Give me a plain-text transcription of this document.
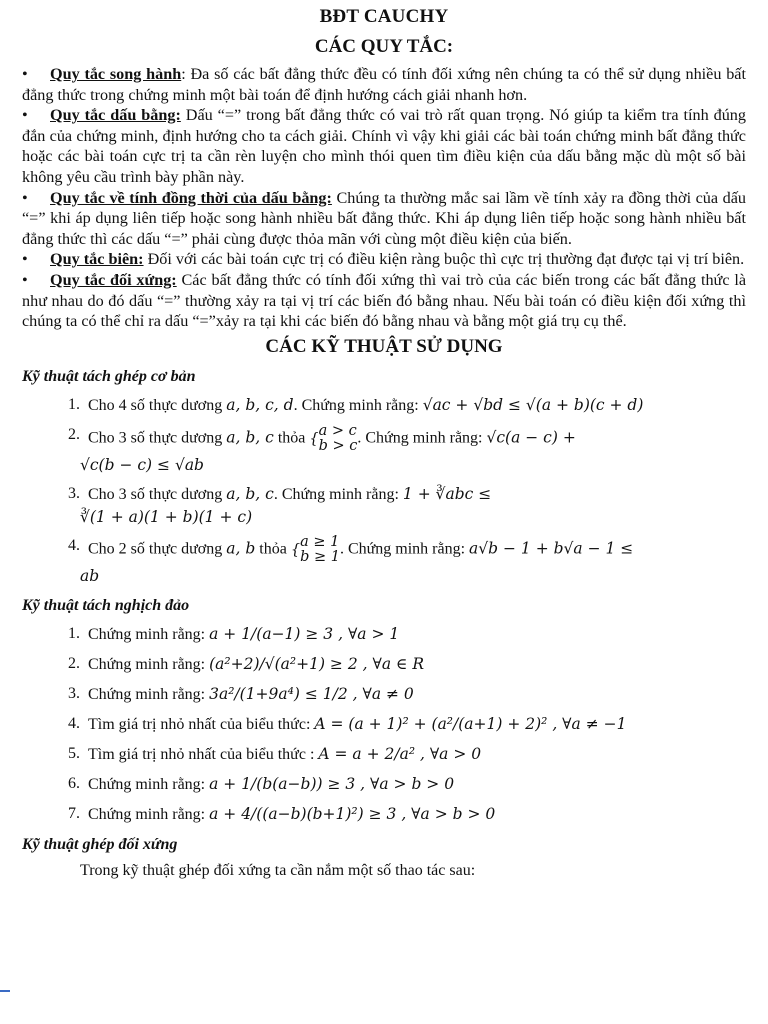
BĐT CAUCHY
CÁC QUY TẮC:
• Quy tắc song hành: Đa số các bất đẳng thức đều có tính đối xứng nên chúng ta có thể sử dụng nhiều bất đẳng thức trong chứng minh một bài toán để định hướng cách giải nhanh hơn.
• Quy tắc dấu bằng: Dấu “=” trong bất đẳng thức có vai trò rất quan trọng. Nó giúp ta kiểm tra tính đúng đắn của chứng minh, định hướng cho ta cách giải. Chính vì vậy khi giải các bài toán chứng minh bất đẳng thức hoặc các bài toán cực trị ta cần rèn luyện cho mình thói quen tìm điều kiện của dấu bằng mặc dù một số bài không yêu cầu trình bày phần này.
• Quy tắc về tính đồng thời của dấu bằng: Chúng ta thường mắc sai lầm về tính xảy ra đồng thời của dấu “=” khi áp dụng liên tiếp hoặc song hành nhiều bất đẳng thức. Khi áp dụng liên tiếp hoặc song hành nhiều bất đẳng thức thì các dấu “=” phải cùng được thỏa mãn với cùng một điều kiện của biến.
• Quy tắc biên: Đối với các bài toán cực trị có điều kiện ràng buộc thì cực trị thường đạt được tại vị trí biên.
• Quy tắc đối xứng: Các bất đẳng thức có tính đối xứng thì vai trò của các biến trong các bất đẳng thức là như nhau do đó dấu “=” thường xảy ra tại vị trí các biến đó bằng nhau. Nếu bài toán có điều kiện đối xứng thì chúng ta có thể chỉ ra dấu “=”xảy ra tại khi các biến đó bằng nhau và bằng một giá trụ cụ thể.
CÁC KỸ THUẬT SỬ DỤNG
Kỹ thuật tách ghép cơ bản
1. Cho 4 số thực dương a, b, c, d. Chứng minh rằng: √ac + √bd ≤ √(a + b)(c + d)
2. Cho 3 số thực dương a, b, c thỏa {a > c
b > c. Chứng minh rằng: √c(a − c) +
√c(b − c) ≤ √ab
3. Cho 3 số thực dương a, b, c. Chứng minh rằng: 1 + ∛abc ≤
∛(1 + a)(1 + b)(1 + c)
4. Cho 2 số thực dương a, b thỏa {a ≥ 1
b ≥ 1. Chứng minh rằng: a√b − 1 + b√a − 1 ≤
ab
Kỹ thuật tách nghịch đảo
1. Chứng minh rằng: a + 1/(a−1) ≥ 3 , ∀a > 1
2. Chứng minh rằng: (a²+2)/√(a²+1) ≥ 2 , ∀a ∈ R
3. Chứng minh rằng: 3a²/(1+9a⁴) ≤ 1/2 , ∀a ≠ 0
4. Tìm giá trị nhỏ nhất của biểu thức: A = (a + 1)² + (a²/(a+1) + 2)² , ∀a ≠ −1
5. Tìm giá trị nhỏ nhất của biểu thức : A = a + 2/a² , ∀a > 0
6. Chứng minh rằng: a + 1/(b(a−b)) ≥ 3 , ∀a > b > 0
7. Chứng minh rằng: a + 4/((a−b)(b+1)²) ≥ 3 , ∀a > b > 0
Kỹ thuật ghép đối xứng

Trong kỹ thuật ghép đối xứng ta cần nắm một số thao tác sau:
